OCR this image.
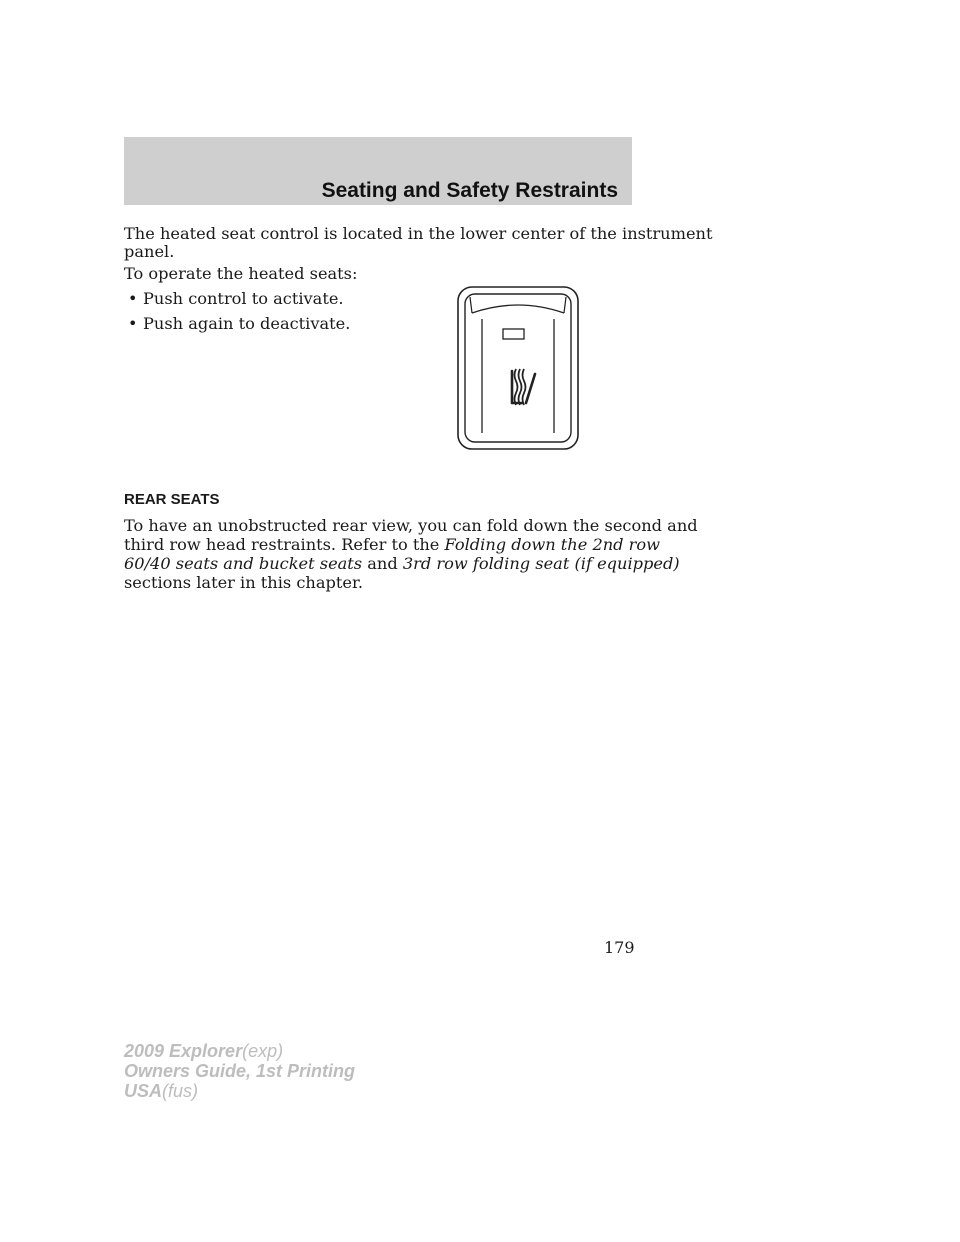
Seating and Safety Restraints
The heated seat control is located in the lower center of the instrument
panel.
To operate the heated seats:
• Push control to activate.
• Push again to deactivate.
REAR SEATS
To have an unobstructed rear view, you can fold down the second and
third row head restraints. Refer to the Folding down the 2nd row
60/40 seats and bucket seats and 3rd row folding seat (if equipped)
sections later in this chapter.
179
2009 Explorer(exp)
Owners Guide, 1st Printing
USA(fus)
